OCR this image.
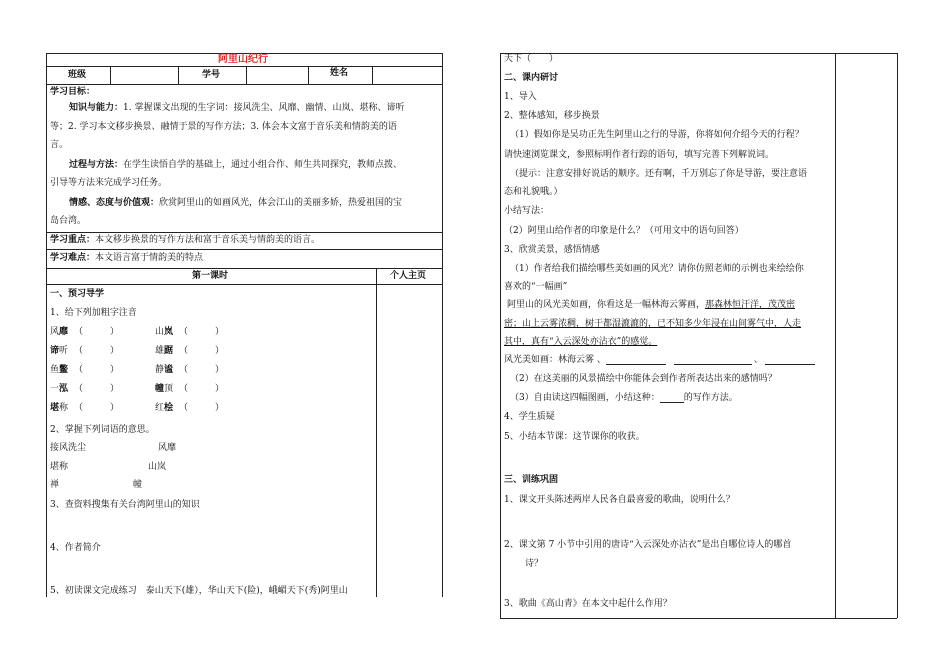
阿里山纪行
班级	学号	姓名
学习目标：
知识与能力：1. 掌握课文出现的生字词：接风洗尘、风靡、幽情、山岚、堪称、谛听
等；2. 学习本文移步换景、融情于景的写作方法；3. 体会本文富于音乐美和情韵美的语
言。
过程与方法：在学生读悟自学的基础上，通过小组合作、师生共同探究，教师点拨、
引导等方法来完成学习任务。
情感、态度与价值观：欣赏阿里山的如画风光，体会江山的美丽多娇，热爱祖国的宝
岛台湾。
学习重点：本文移步换景的写作方法和富于音乐美与情韵美的语言。
学习难点：本文语言富于情韵美的特点
第一课时	个人主页
一、预习导学
1、给下列加粗字注音
风靡 （　　　）	山岚 （　　　）
谛听 （　　　）	雄踞 （　　　）
鱼鳖 （　　　）	静谧 （　　　）
一泓 （　　　）	幢顶 （　　　）
堪称 （　　　）	红桧 （　　　）
2、掌握下列词语的意思。
接风洗尘	风靡
堪称	山岚
禅	幢
3、查资料搜集有关台湾阿里山的知识
4、作者简介
5、初读课文完成练习　泰山天下(雄），华山天下(险)，峨嵋天下(秀)阿里山
天下（　　）
二、课内研讨
1、导入
2、整体感知，移步换景
（1）假如你是吴功正先生阿里山之行的导游，你将如何介绍今天的行程？
请快速浏览课文，参照标明作者行踪的语句，填写完善下列解说词。
（提示：注意安排好说话的顺序。还有啊，千万别忘了你是导游，要注意语
态和礼貌哦。）
小结写法：
（2）阿里山给作者的印象是什么？（可用文中的语句回答）
3、欣赏美景，感悟情感
（1）作者给我们描绘哪些美如画的风光？请你仿照老师的示例也来绘绘你
喜欢的“一幅画”
阿里山的风光美如画，你看这是一幅林海云雾画，那森林恒汗洋，茂茂密
密；山上云雾浓稠，树干都湿漉漉的，已不知多少年浸在山间雾气中，人走
其中，真有“入云深处亦沾衣”的感觉。
风光美如画：林海云雾 、	、
（2）在这美丽的风景描绘中你能体会到作者所表达出来的感情吗？
（3）自由读这四幅图画，小结这种：	的写作方法。
4、学生质疑
5、小结本节课：这节课你的收获。
三、训练巩固
1、课文开头陈述两岸人民各自最喜爱的歌曲，说明什么？
2、课文第 7 小节中引用的唐诗“入云深处亦沾衣”是出自哪位诗人的哪首
诗？
3、歌曲《高山青》在本文中起什么作用？
